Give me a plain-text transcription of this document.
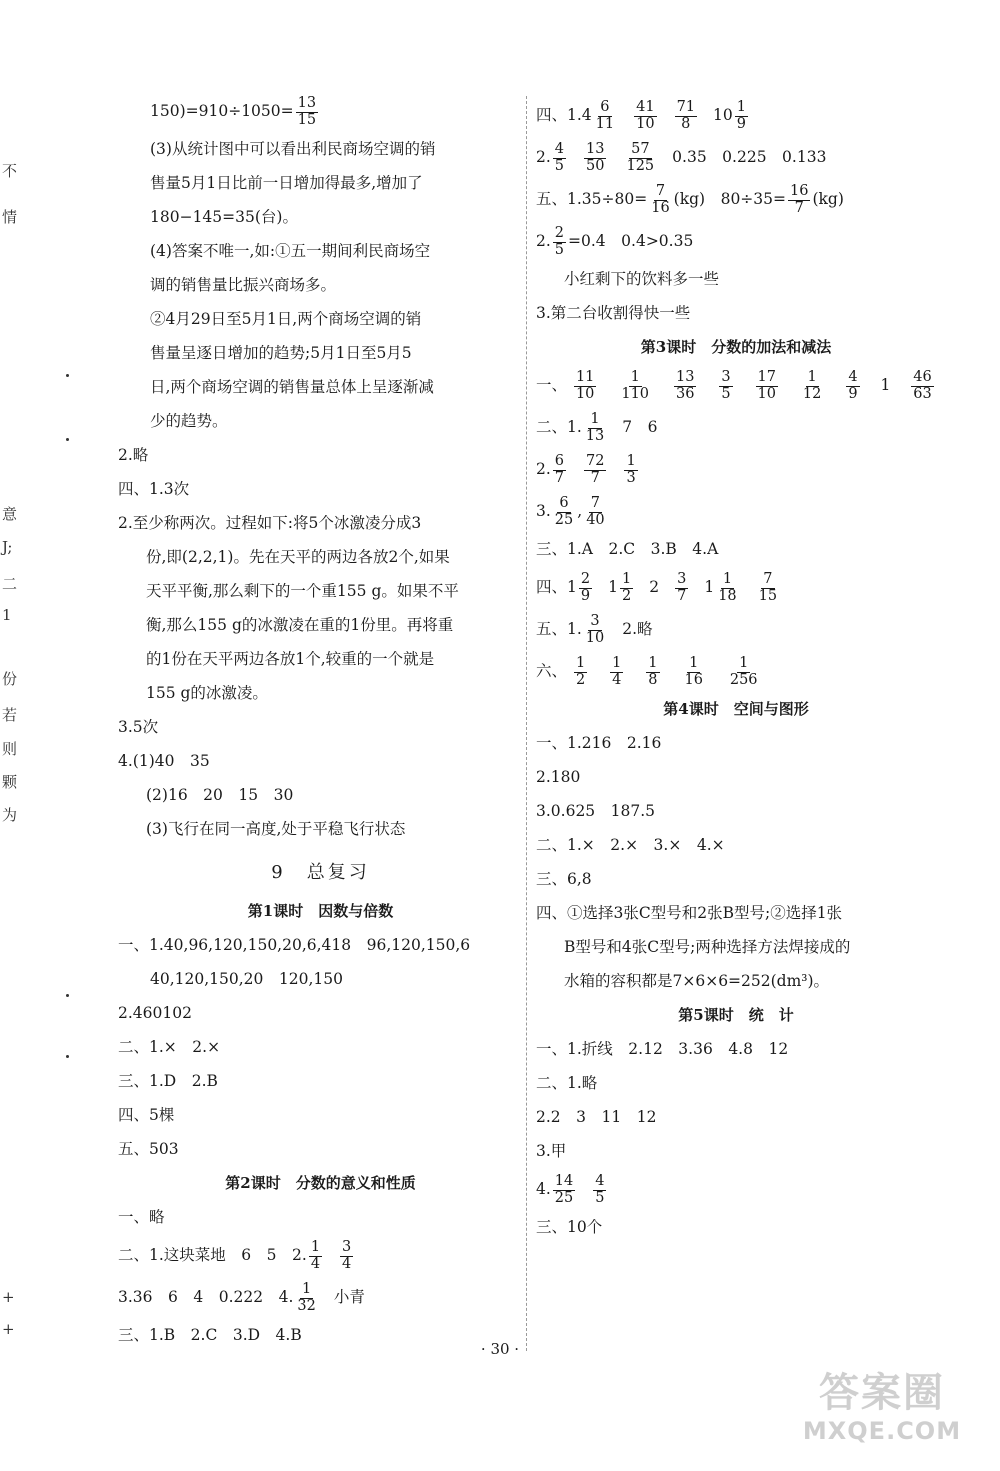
不
情
意
J;
二
1
份
若
则
颗
为
+
+
$150)=910\div 1050= \frac{13}{15}$
(3)从统计图中可以看出利民商场空调的销
售量5月1日比前一日增加得最多,增加了
180−145=35(台)。
(4)答案不唯一,如:①五一期间利民商场空
调的销售量比振兴商场多。
②4月29日至5月1日,两个商场空调的销
售量呈逐日增加的趋势;5月1日至5月5
日,两个商场空调的销售量总体上呈逐渐减
少的趋势。
2.略
四、1.3次
2.至少称两次。过程如下:将5个冰激凌分成3
份,即(2,2,1)。先在天平的两边各放2个,如果
天平平衡,那么剩下的一个重155 g。如果不平
衡,那么155 g的冰激凌在重的1份里。再将重
的1份在天平两边各放1个,较重的一个就是
155 g的冰激凌。
3.5次
4.(1)40　35
(2)16　20　15　30
(3)飞行在同一高度,处于平稳飞行状态
9　总复习
第1课时　因数与倍数
一、1.40,96,120,150,20,6,418　96,120,150,6
40,120,150,20　120,150
2.460102
二、1.×　2.×
三、1.D　2.B
四、5棵
五、503
第2课时　分数的意义和性质
一、略
二、1.这块菜地　6　5　2. $\frac{1}{4} \frac{3}{4}$
3.36　6　4　0.222　4. $\frac{1}{32}$ 小青
三、1.B　2.C　3.D　4.B
四、$1.4 \frac{6}{11} \frac{41}{10} \frac{71}{8} 10 \frac{1}{9}$
2. $\frac{4}{5} \frac{13}{50} \frac{57}{125} 0.35$　0.225　0.133
五、$1.35\div 80= \frac{7}{16} (kg)$　$80\div 35= \frac{16}{7} (kg)$
2. $\frac{2}{5} =0.4$　0.4>0.35
小红剩下的饮料多一些
3.第二台收割得快一些
第3课时　分数的加法和减法
一、 $\frac{11}{10}$
$\frac{1}{110}$
$\frac{13}{36}$
$\frac{3}{5}$
$\frac{17}{10}$
$\frac{1}{12}$
$\frac{4}{9} 1 \frac{46}{63}$
二、1. $\frac{1}{13} 7$　6
2. $\frac{6}{7} \frac{72}{7} \frac{1}{3}$
3. $\frac{6}{25}$ , $\frac{7}{40}$
三、1.A　2.C　3.B　4.A
四、$1 \frac{2}{9} 1 \frac{1}{2} 2 \frac{3}{7} 1 \frac{1}{18} \frac{7}{15}$
五、1. $\frac{3}{10} 2$.略
六、 $\frac{1}{2}$
$\frac{1}{4}$
$\frac{1}{8}$
$\frac{1}{16}$
$\frac{1}{256}$
第4课时　空间与图形
一、1.216　2.16
2.180
3.0.625　187.5
二、1.×　2.×　3.×　4.×
三、6,8
四、①选择3张C型号和2张B型号;②选择1张
B型号和4张C型号;两种选择方法焊接成的
水箱的容积都是7×6×6=252(dm³)。
第5课时　统　计
一、1.折线　2.12　3.36　4.8　12
二、1.略
2.2　3　11　12
3.甲
4. $\frac{14}{25} \frac{4}{5}$
三、10个
· 30 ·
答案圈
MXQE.COM
